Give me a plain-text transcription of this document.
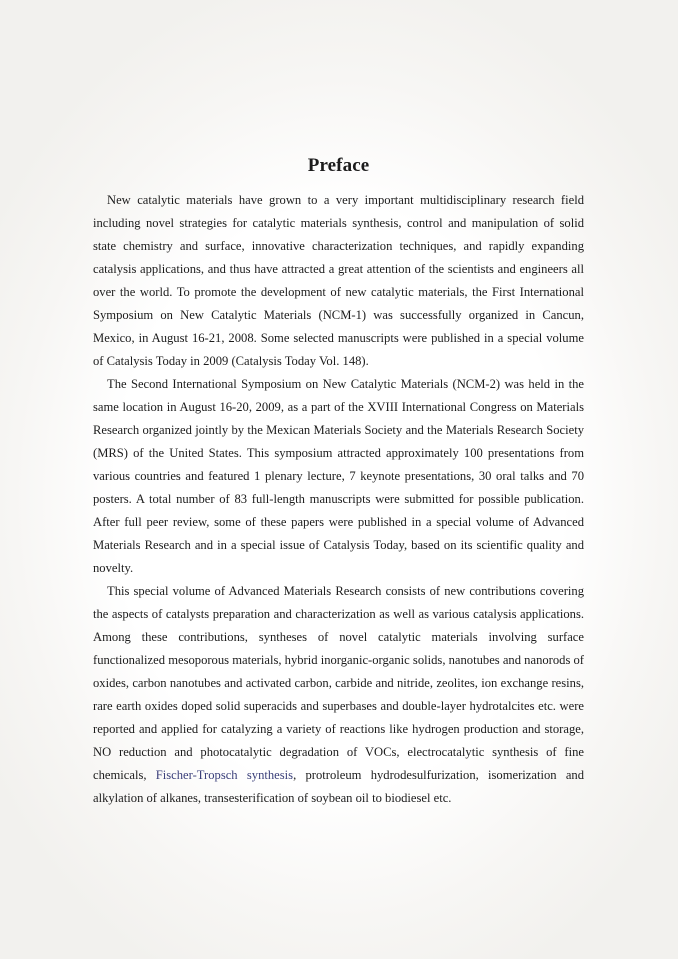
Preface

New catalytic materials have grown to a very important multidisciplinary research field including novel strategies for catalytic materials synthesis, control and manipulation of solid state chemistry and surface, innovative characterization techniques, and rapidly expanding catalysis applications, and thus have attracted a great attention of the scientists and engineers all over the world. To promote the development of new catalytic materials, the First International Symposium on New Catalytic Materials (NCM-1) was successfully organized in Cancun, Mexico, in August 16-21, 2008. Some selected manuscripts were published in a special volume of Catalysis Today in 2009 (Catalysis Today Vol. 148).

The Second International Symposium on New Catalytic Materials (NCM-2) was held in the same location in August 16-20, 2009, as a part of the XVIII International Congress on Materials Research organized jointly by the Mexican Materials Society and the Materials Research Society (MRS) of the United States. This symposium attracted approximately 100 presentations from various countries and featured 1 plenary lecture, 7 keynote presentations, 30 oral talks and 70 posters. A total number of 83 full-length manuscripts were submitted for possible publication. After full peer review, some of these papers were published in a special volume of Advanced Materials Research and in a special issue of Catalysis Today, based on its scientific quality and novelty.

This special volume of Advanced Materials Research consists of new contributions covering the aspects of catalysts preparation and characterization as well as various catalysis applications. Among these contributions, syntheses of novel catalytic materials involving surface functionalized mesoporous materials, hybrid inorganic-organic solids, nanotubes and nanorods of oxides, carbon nanotubes and activated carbon, carbide and nitride, zeolites, ion exchange resins, rare earth oxides doped solid superacids and superbases and double-layer hydrotalcites etc. were reported and applied for catalyzing a variety of reactions like hydrogen production and storage, NO reduction and photocatalytic degradation of VOCs, electrocatalytic synthesis of fine chemicals, Fischer-Tropsch synthesis, protroleum hydrodesulfurization, isomerization and alkylation of alkanes, transesterification of soybean oil to biodiesel etc.
